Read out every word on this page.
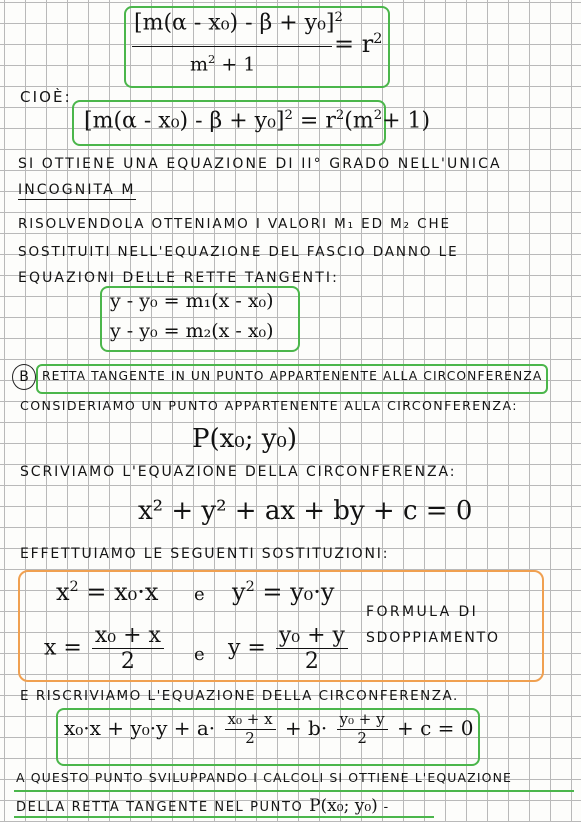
$[m(\alpha - x_0) - \beta + y_0]^2$
$m^2 + 1$
= $r^2$
CIOÈ:
$[m(\alpha - x_0) - \beta + y_0]^2 = r^2(m^2+ 1)$
SI OTTIENE UNA EQUAZIONE DI II° GRADO NELL'UNICA
INCOGNITA M
RISOLVENDOLA OTTENIAMO I VALORI M₁ ED M₂ CHE
SOSTITUITI NELL'EQUAZIONE DEL FASCIO DANNO LE
EQUAZIONI DELLE RETTE TANGENTI:
y - y₀ = m₁(x - x₀)
y - y₀ = m₂(x - x₀)
B RETTA TANGENTE IN UN PUNTO APPARTENENTE ALLA CIRCONFERENZA
CONSIDERIAMO UN PUNTO APPARTENENTE ALLA CIRCONFERENZA:
P(x₀; y₀)
SCRIVIAMO L'EQUAZIONE DELLA CIRCONFERENZA:
x² + y² + ax + by + c = 0
EFFETTUIAMO LE SEGUENTI SOSTITUZIONI:
$x^2 = x_0\cdot x$ e $y^2 = y_0\cdot y$
$x = \frac{\text{x₀ + x}}{2}$ e $y = \frac{\text{y₀ + y}}{2}$
FORMULA DI
SDOPPIAMENTO
E RISCRIVIAMO L'EQUAZIONE DELLA CIRCONFERENZA.
$x_0\cdot x + y_0\cdot y + a\cdot \frac{\text{x₀ + x}}{2} + b\cdot \frac{\text{y₀ + y}}{2} + c = 0$
A QUESTO PUNTO SVILUPPANDO I CALCOLI SI OTTIENE L'EQUAZIONE
DELLA RETTA TANGENTE NEL PUNTO P(x₀; y₀) -
